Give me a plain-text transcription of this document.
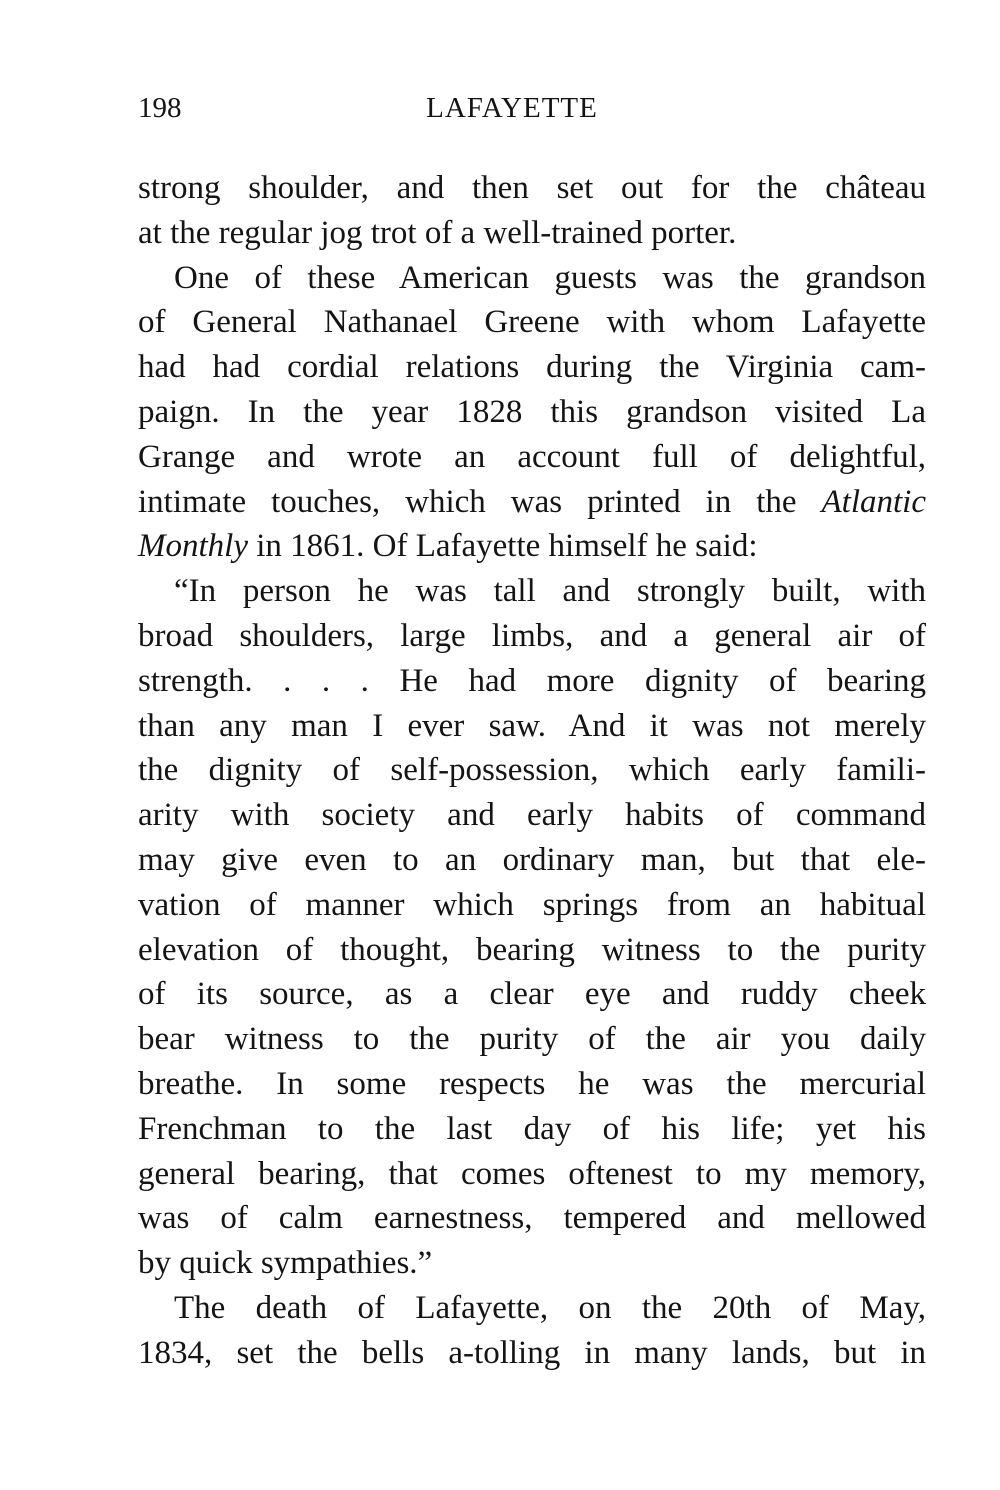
198	LAFAYETTE
strong shoulder, and then set out for the château
at the regular jog trot of a well-trained porter.
One of these American guests was the grandson
of General Nathanael Greene with whom Lafayette
had had cordial relations during the Virginia cam-
paign. In the year 1828 this grandson visited La
Grange and wrote an account full of delightful,
intimate touches, which was printed in the Atlantic
Monthly in 1861. Of Lafayette himself he said:
“In person he was tall and strongly built, with
broad shoulders, large limbs, and a general air of
strength. . . . He had more dignity of bearing
than any man I ever saw. And it was not merely
the dignity of self-possession, which early famili-
arity with society and early habits of command
may give even to an ordinary man, but that ele-
vation of manner which springs from an habitual
elevation of thought, bearing witness to the purity
of its source, as a clear eye and ruddy cheek
bear witness to the purity of the air you daily
breathe. In some respects he was the mercurial
Frenchman to the last day of his life; yet his
general bearing, that comes oftenest to my memory,
was of calm earnestness, tempered and mellowed
by quick sympathies.”
The death of Lafayette, on the 20th of May,
1834, set the bells a-tolling in many lands, but in
